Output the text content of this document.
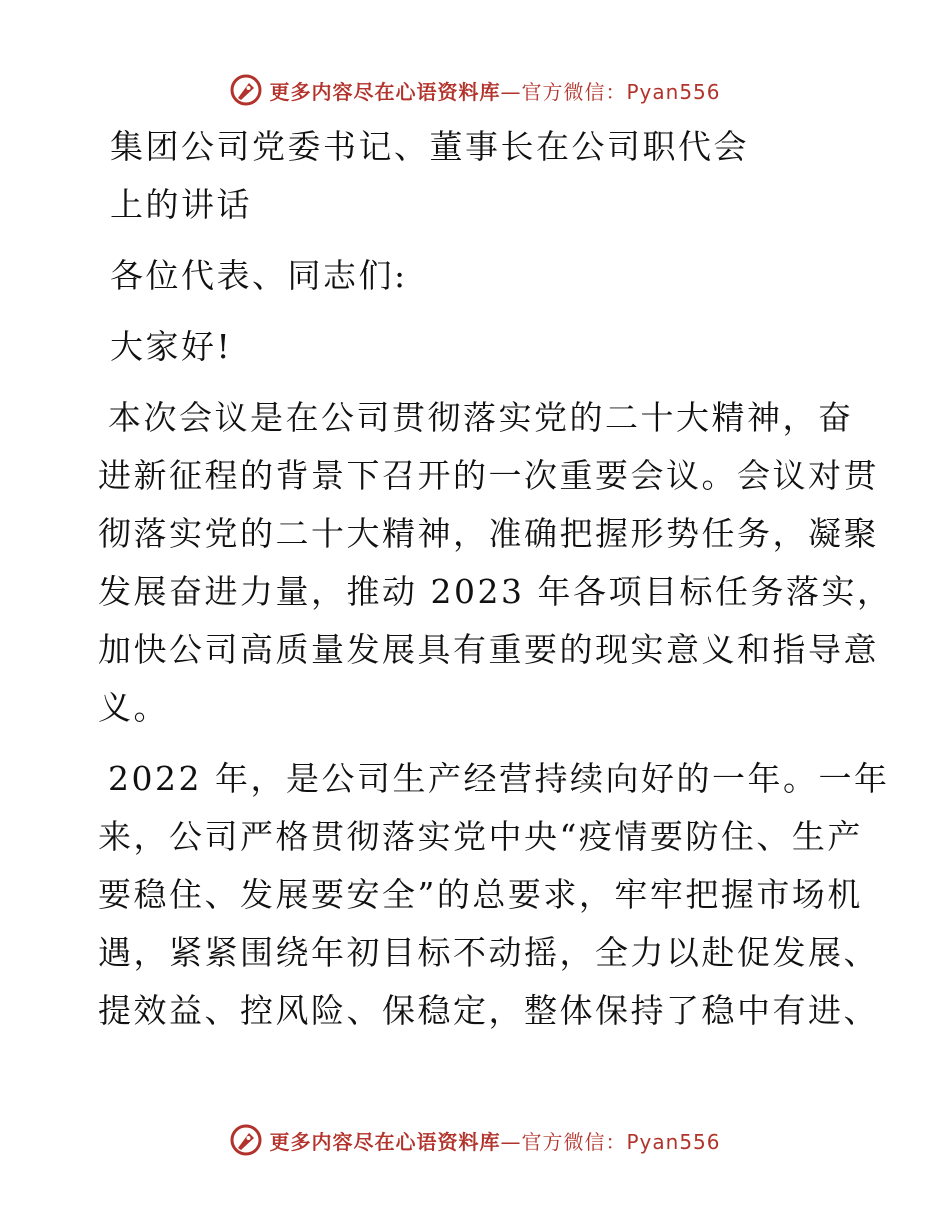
更多内容尽在心语资料库—官方微信：Pyan556
集团公司党委书记、董事长在公司职代会
上的讲话
各位代表、同志们:
大家好!
本次会议是在公司贯彻落实党的二十大精神，奋
进新征程的背景下召开的一次重要会议。会议对贯
彻落实党的二十大精神，准确把握形势任务，凝聚
发展奋进力量，推动 2023 年各项目标任务落实，
加快公司高质量发展具有重要的现实意义和指导意
义。
2022 年，是公司生产经营持续向好的一年。一年
来，公司严格贯彻落实党中央“疫情要防住、生产
要稳住、发展要安全”的总要求，牢牢把握市场机
遇，紧紧围绕年初目标不动摇，全力以赴促发展、
提效益、控风险、保稳定，整体保持了稳中有进、
更多内容尽在心语资料库—官方微信：Pyan556
